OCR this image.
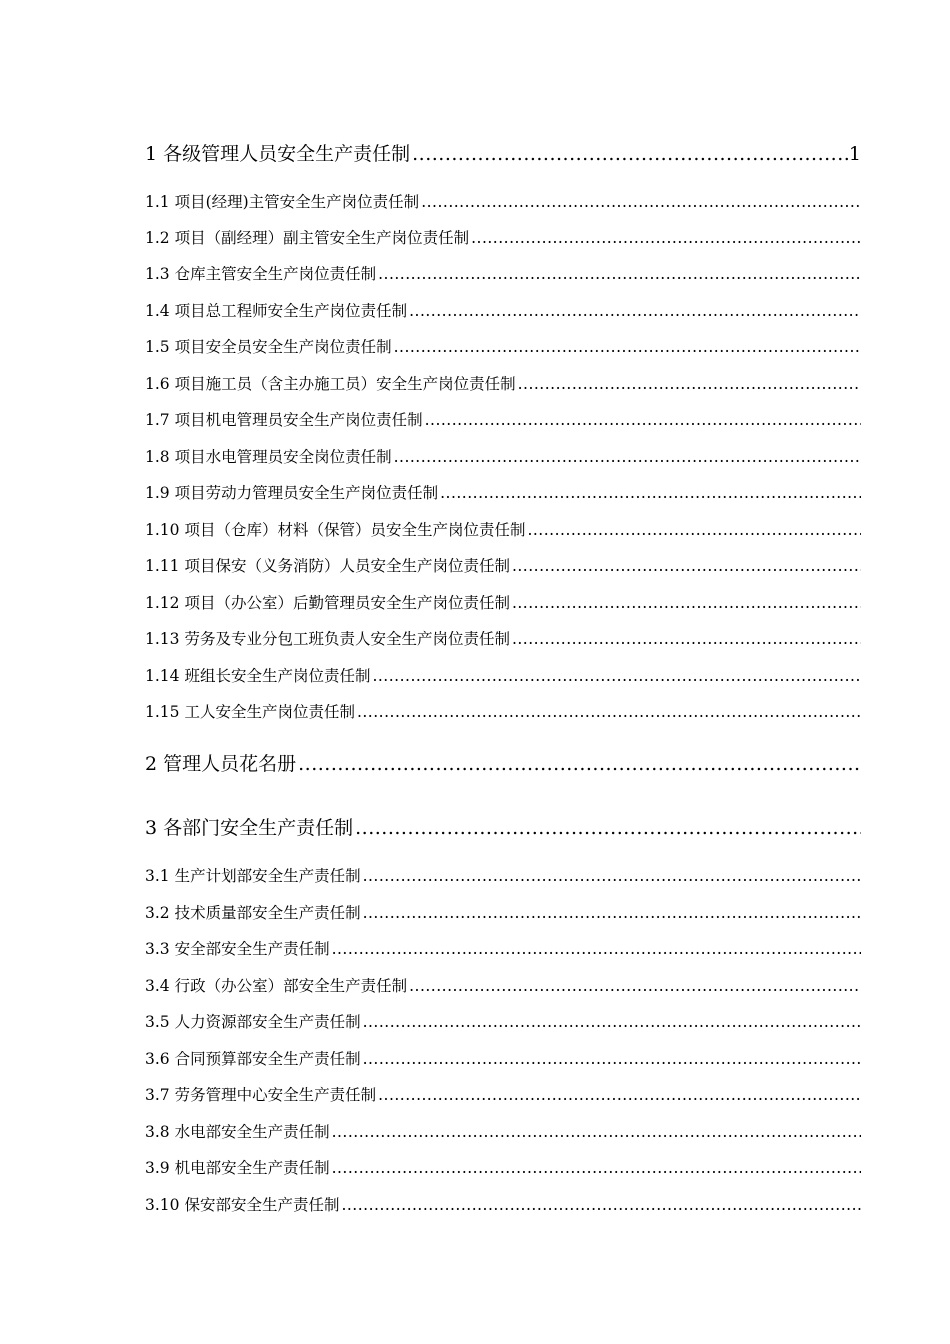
1 各级管理人员安全生产责任制
.....	1
1.1 项目(经理)主管安全生产岗位责任制
.....
1.2 项目（副经理）副主管安全生产岗位责任制
.....
1.3 仓库主管安全生产岗位责任制
.....
1.4 项目总工程师安全生产岗位责任制
.....
1.5 项目安全员安全生产岗位责任制
.....
1.6 项目施工员（含主办施工员）安全生产岗位责任制
.....
1.7 项目机电管理员安全生产岗位责任制
.....
1.8 项目水电管理员安全岗位责任制
.....
1.9 项目劳动力管理员安全生产岗位责任制
.....
1.10 项目（仓库）材料（保管）员安全生产岗位责任制
.....
1.11 项目保安（义务消防）人员安全生产岗位责任制
.....
1.12 项目（办公室）后勤管理员安全生产岗位责任制
.....
1.13 劳务及专业分包工班负责人安全生产岗位责任制
.....
1.14 班组长安全生产岗位责任制
.....
1.15 工人安全生产岗位责任制
.....
2 管理人员花名册
.....
3 各部门安全生产责任制
.....
3.1 生产计划部安全生产责任制
.....
3.2 技术质量部安全生产责任制
.....
3.3 安全部安全生产责任制
.....
3.4 行政（办公室）部安全生产责任制
.....
3.5 人力资源部安全生产责任制
.....
3.6 合同预算部安全生产责任制
.....
3.7 劳务管理中心安全生产责任制
.....
3.8 水电部安全生产责任制
.....
3.9 机电部安全生产责任制
.....
3.10 保安部安全生产责任制
.....
